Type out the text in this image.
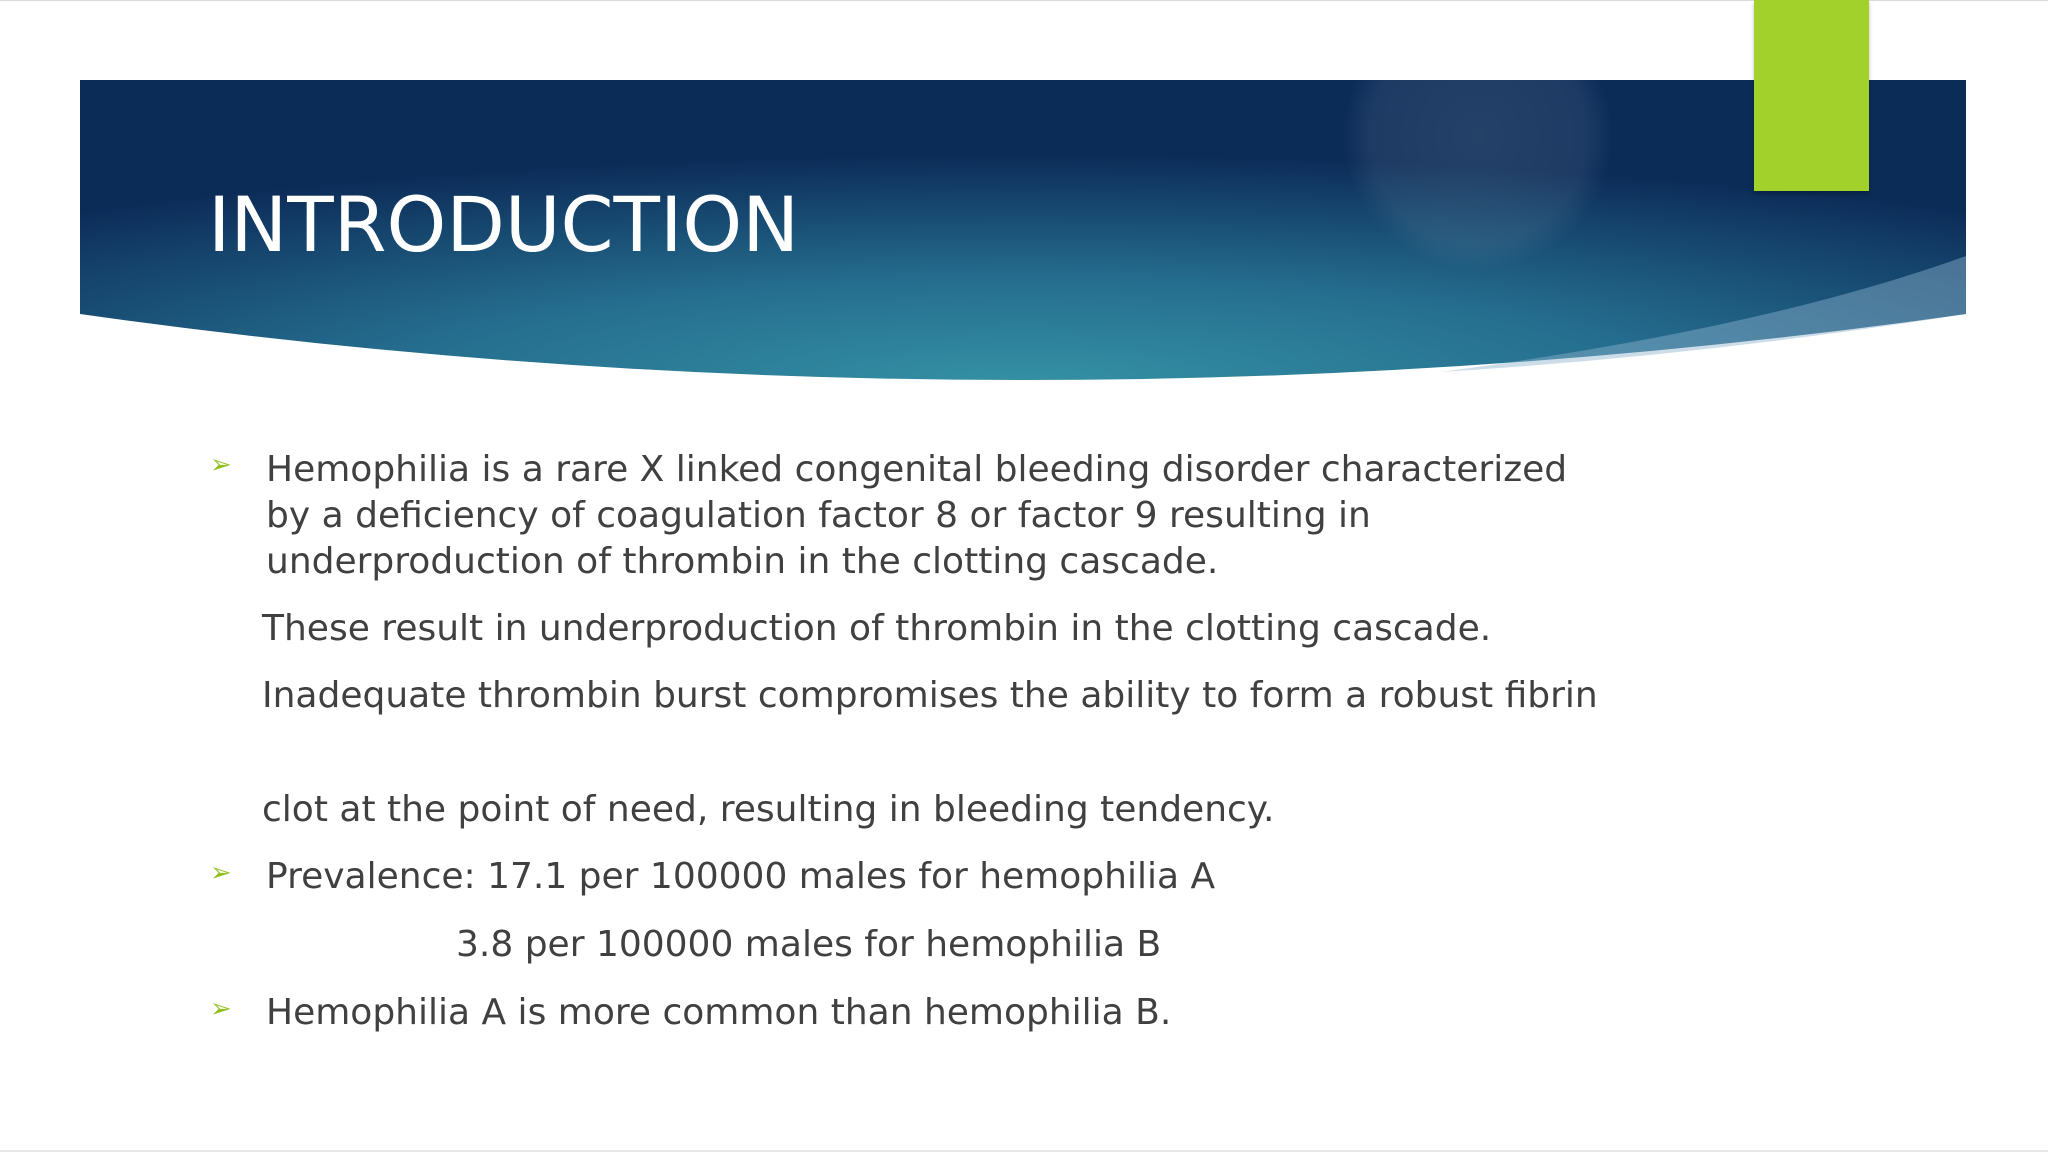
INTRODUCTION
➢ Hemophilia is a rare X linked congenital bleeding disorder characterized
by a deficiency of coagulation factor 8 or factor 9 resulting in
underproduction of thrombin in the clotting cascade.
These result in underproduction of thrombin in the clotting cascade.
Inadequate thrombin burst compromises the ability to form a robust fibrin
clot at the point of need, resulting in bleeding tendency.
➢ Prevalence: 17.1 per 100000 males for hemophilia A
3.8 per 100000 males for hemophilia B
➢ Hemophilia A is more common than hemophilia B.
